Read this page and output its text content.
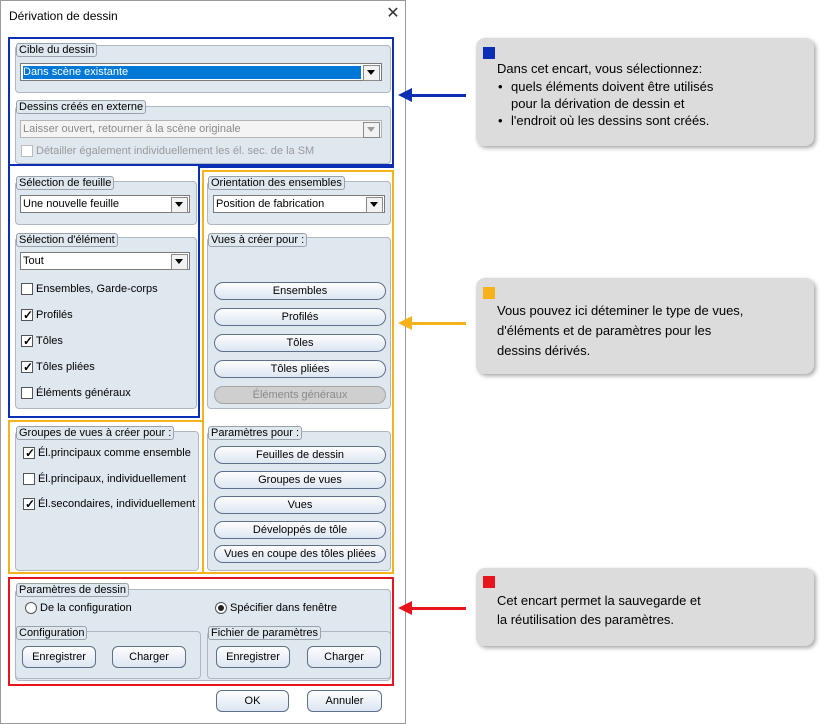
Dérivation de dessin	✕
Cible du dessin
Dans scène existante
Dessins créés en externe
Laisser ouvert, retourner à la scène originale
Détailler également individuellement les él. sec. de la SM
Sélection de feuille
Une nouvelle feuille
Sélection d'élément
Tout
Ensembles, Garde-corps
✓
Profilés
✓
Tôles
✓
Tôles pliées
Éléments généraux
Orientation des ensembles
Position de fabrication
Vues à créer pour :
Ensembles
Profilés
Tôles
Tôles pliées
Éléments généraux
Groupes de vues à créer pour :
✓
Él.principaux comme ensemble
Él.principaux, individuellement
✓
Él.secondaires, individuellement
Paramètres pour :
Feuilles de dessin
Groupes de vues
Vues
Développés de tôle
Vues en coupe des tôles pliées
Paramètres de dessin
De la configuration	Spécifier dans fenêtre
Configuration
Enregistrer	Charger
Fichier de paramètres
Enregistrer	Charger
OK	Annuler
Dans cet encart, vous sélectionnez:
• quels éléments doivent être utilisés
pour la dérivation de dessin et
• l'endroit où les dessins sont créés.
Vous pouvez ici déteminer le type de vues,
d'éléments et de paramètres pour les
dessins dérivés.
Cet encart permet la sauvegarde et
la réutilisation des paramètres.
